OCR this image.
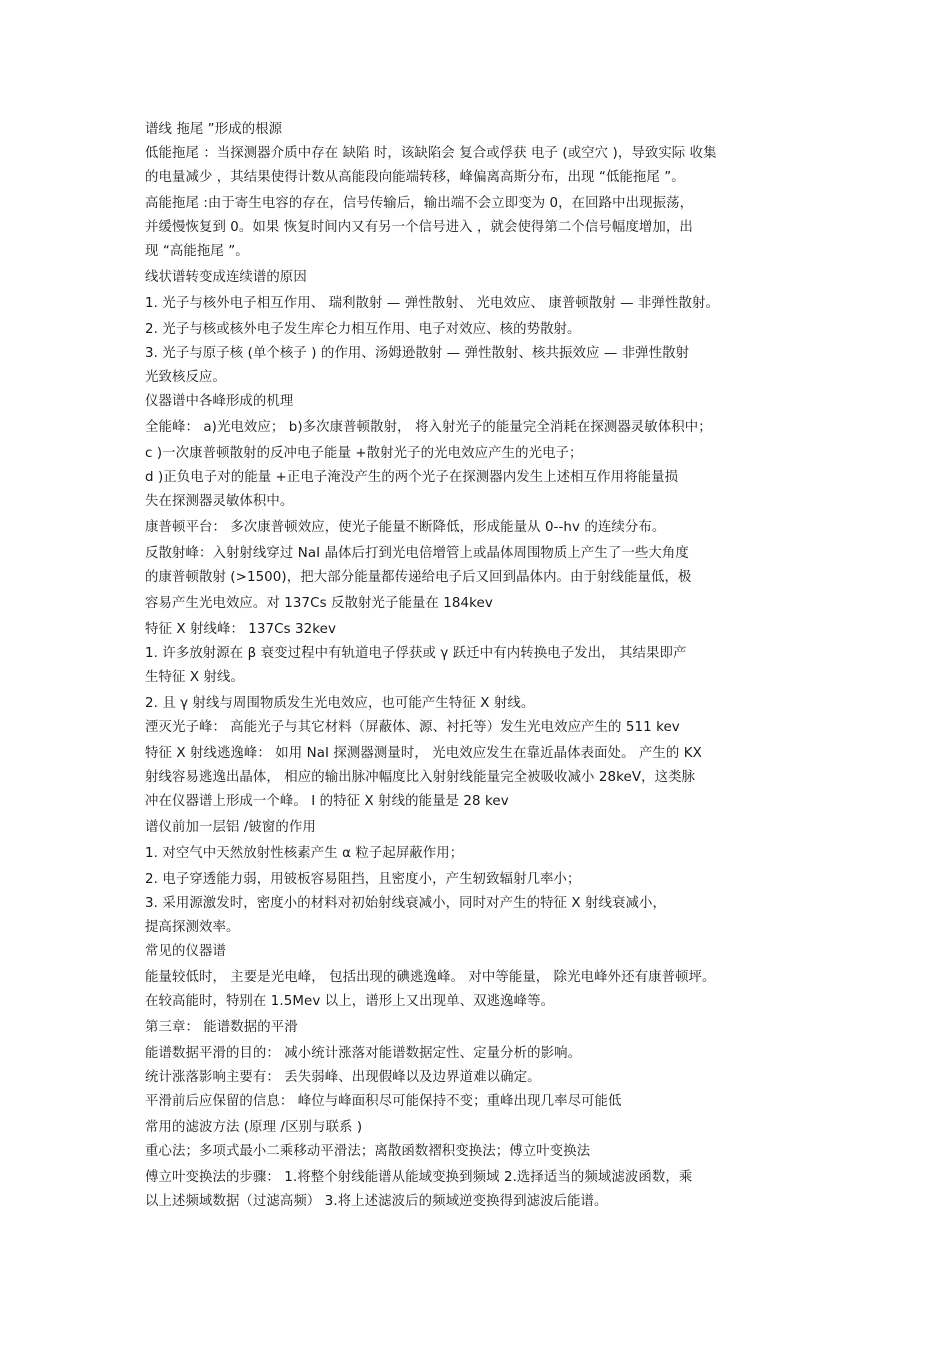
谱线 拖尾 ”形成的根源
低能拖尾 ：当探测器介质中存在 缺陷 时，该缺陷会 复合或俘获 电子 (或空穴 )，导致实际 收集
的电量减少 ，其结果使得计数从高能段向能端转移，峰偏离高斯分布，出现 “低能拖尾 ”。
高能拖尾 :由于寄生电容的存在，信号传输后，输出端不会立即变为 0，在回路中出现振荡，
并缓慢恢复到 0。如果 恢复时间内又有另一个信号进入 ，就会使得第二个信号幅度增加，出
现 “高能拖尾 ”。
线状谱转变成连续谱的原因
1. 光子与核外电子相互作用、 瑞利散射 — 弹性散射、 光电效应、 康普顿散射 — 非弹性散射。
2. 光子与核或核外电子发生库仑力相互作用、电子对效应、核的势散射。
3. 光子与原子核 (单个核子 ) 的作用、汤姆逊散射 — 弹性散射、核共振效应 — 非弹性散射
光致核反应。
仪器谱中各峰形成的机理
全能峰： a)光电效应； b)多次康普顿散射， 将入射光子的能量完全消耗在探测器灵敏体积中；
c )一次康普顿散射的反冲电子能量 +散射光子的光电效应产生的光电子；
d )正负电子对的能量 +正电子淹没产生的两个光子在探测器内发生上述相互作用将能量损
失在探测器灵敏体积中。
康普顿平台： 多次康普顿效应，使光子能量不断降低，形成能量从 0--hv 的连续分布。
反散射峰：入射射线穿过 NaI 晶体后打到光电倍增管上或晶体周围物质上产生了一些大角度
的康普顿散射 (>1500)，把大部分能量都传递给电子后又回到晶体内。由于射线能量低，极
容易产生光电效应。对 137Cs 反散射光子能量在 184kev
特征 X 射线峰： 137Cs 32kev
1. 许多放射源在 β 衰变过程中有轨道电子俘获或 γ 跃迁中有内转换电子发出， 其结果即产
生特征 X 射线。
2. 且 γ 射线与周围物质发生光电效应，也可能产生特征 X 射线。
湮灭光子峰： 高能光子与其它材料（屏蔽体、源、衬托等）发生光电效应产生的 511 kev
特征 X 射线逃逸峰： 如用 NaI 探测器测量时， 光电效应发生在靠近晶体表面处。 产生的 KX
射线容易逃逸出晶体， 相应的输出脉冲幅度比入射射线能量完全被吸收减小 28keV，这类脉
冲在仪器谱上形成一个峰。 I 的特征 X 射线的能量是 28 kev
谱仪前加一层铝 /铍窗的作用
1. 对空气中天然放射性核素产生 α 粒子起屏蔽作用；
2. 电子穿透能力弱，用铍板容易阻挡，且密度小，产生轫致辐射几率小；
3. 采用源激发时，密度小的材料对初始射线衰减小，同时对产生的特征 X 射线衰减小，
提高探测效率。
常见的仪器谱
能量较低时， 主要是光电峰， 包括出现的碘逃逸峰。 对中等能量， 除光电峰外还有康普顿坪。
在较高能时，特别在 1.5Mev 以上，谱形上又出现单、双逃逸峰等。
第三章： 能谱数据的平滑
能谱数据平滑的目的： 减小统计涨落对能谱数据定性、定量分析的影响。
统计涨落影响主要有： 丢失弱峰、出现假峰以及边界道难以确定。
平滑前后应保留的信息： 峰位与峰面积尽可能保持不变；重峰出现几率尽可能低
常用的滤波方法 (原理 /区别与联系 )
重心法；多项式最小二乘移动平滑法；离散函数褶积变换法；傅立叶变换法
傅立叶变换法的步骤： 1.将整个射线能谱从能域变换到频域 2.选择适当的频域滤波函数，乘
以上述频域数据（过滤高频） 3.将上述滤波后的频域逆变换得到滤波后能谱。
